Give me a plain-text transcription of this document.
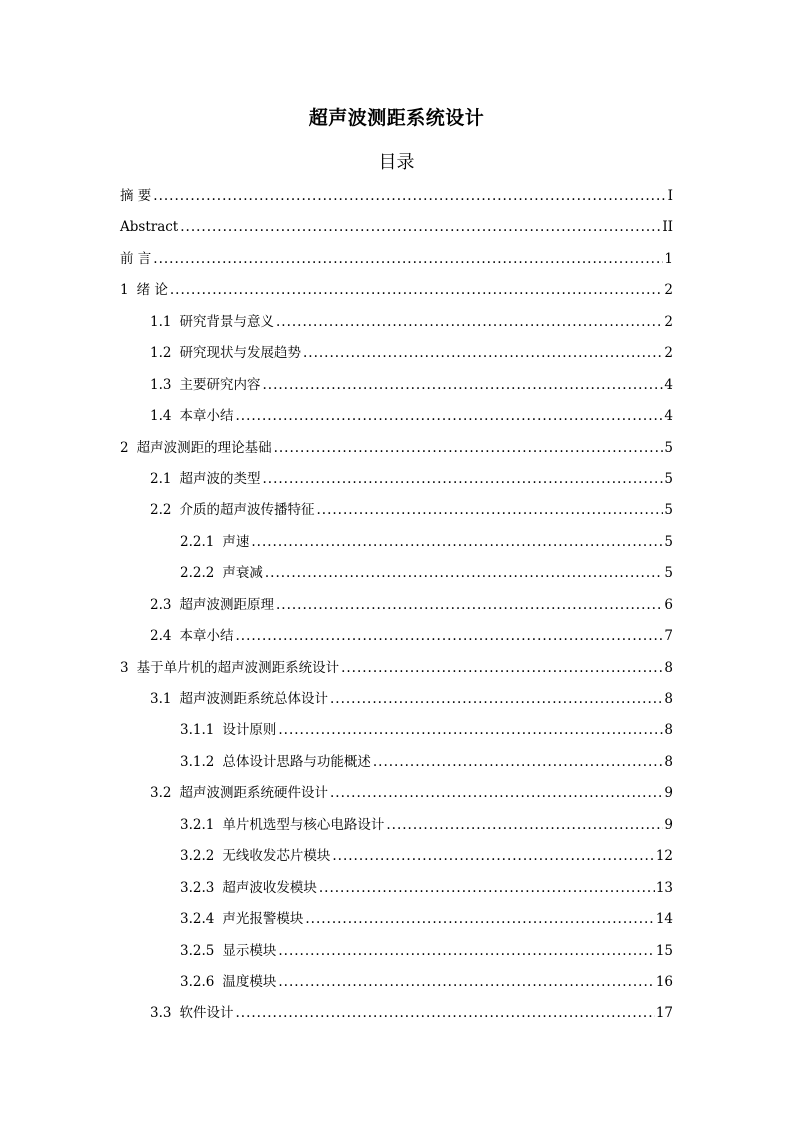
超声波测距系统设计
目录
摘 要 .....	I
Abstract .....	II
前 言 .....	1
1 绪 论 .....	2
1.1 研究背景与意义 .....	2
1.2 研究现状与发展趋势 .....	2
1.3 主要研究内容 .....	4
1.4 本章小结 .....	4
2 超声波测距的理论基础 .....	5
2.1 超声波的类型 .....	5
2.2 介质的超声波传播特征 .....	5
2.2.1 声速 .....	5
2.2.2 声衰减 .....	5
2.3 超声波测距原理 .....	6
2.4 本章小结 .....	7
3 基于单片机的超声波测距系统设计 .....	8
3.1 超声波测距系统总体设计 .....	8
3.1.1 设计原则 .....	8
3.1.2 总体设计思路与功能概述 .....	8
3.2 超声波测距系统硬件设计 .....	9
3.2.1 单片机选型与核心电路设计 .....	9
3.2.2 无线收发芯片模块 .....	12
3.2.3 超声波收发模块 .....	13
3.2.4 声光报警模块 .....	14
3.2.5 显示模块 .....	15
3.2.6 温度模块 .....	16
3.3 软件设计 .....	17
